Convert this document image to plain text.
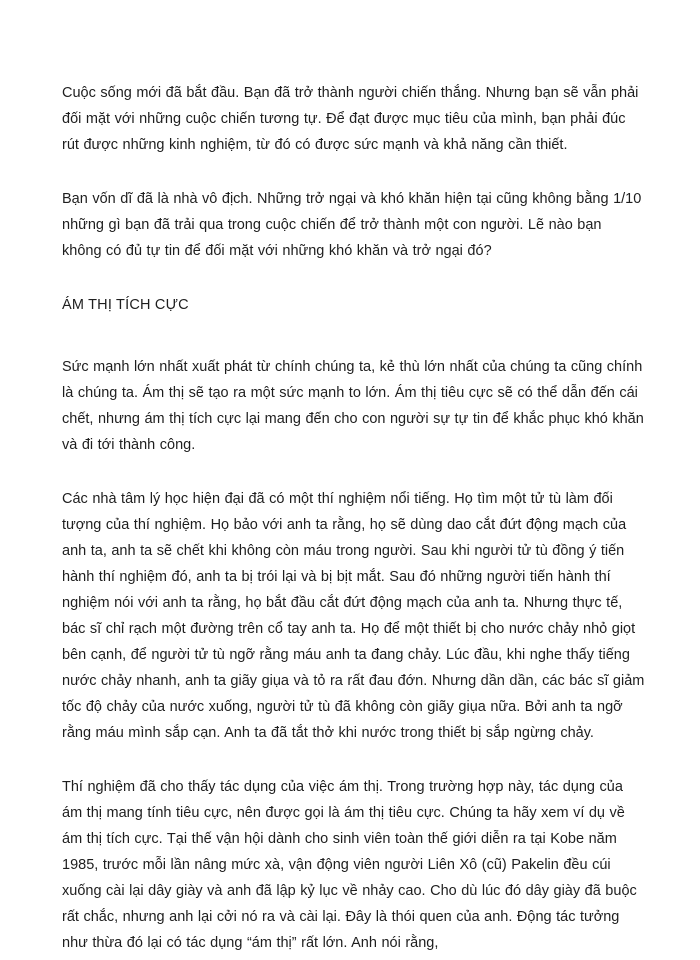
Cuộc sống mới đã bắt đầu. Bạn đã trở thành người chiến thắng. Nhưng bạn sẽ vẫn phải đối mặt với những cuộc chiến tương tự. Để đạt được mục tiêu của mình, bạn phải đúc rút được những kinh nghiệm, từ đó có được sức mạnh và khả năng cần thiết.

Bạn vốn dĩ đã là nhà vô địch. Những trở ngại và khó khăn hiện tại cũng không bằng 1/10 những gì bạn đã trải qua trong cuộc chiến để trở thành một con người. Lẽ nào bạn không có đủ tự tin để đối mặt với những khó khăn và trở ngại đó?

ÁM THỊ TÍCH CỰC

Sức mạnh lớn nhất xuất phát từ chính chúng ta, kẻ thù lớn nhất của chúng ta cũng chính là chúng ta. Ám thị sẽ tạo ra một sức mạnh to lớn. Ám thị tiêu cực sẽ có thể dẫn đến cái chết, nhưng ám thị tích cực lại mang đến cho con người sự tự tin để khắc phục khó khăn và đi tới thành công.

Các nhà tâm lý học hiện đại đã có một thí nghiệm nổi tiếng. Họ tìm một tử tù làm đối tượng của thí nghiệm. Họ bảo với anh ta rằng, họ sẽ dùng dao cắt đứt động mạch của anh ta, anh ta sẽ chết khi không còn máu trong người. Sau khi người tử tù đồng ý tiến hành thí nghiệm đó, anh ta bị trói lại và bị bịt mắt. Sau đó những người tiến hành thí nghiệm nói với anh ta rằng, họ bắt đầu cắt đứt động mạch của anh ta. Nhưng thực tế, bác sĩ chỉ rạch một đường trên cổ tay anh ta. Họ để một thiết bị cho nước chảy nhỏ giọt bên cạnh, để người tử tù ngỡ rằng máu anh ta đang chảy. Lúc đầu, khi nghe thấy tiếng nước chảy nhanh, anh ta giãy giụa và tỏ ra rất đau đớn. Nhưng dần dần, các bác sĩ giảm tốc độ chảy của nước xuống, người tử tù đã không còn giãy giụa nữa. Bởi anh ta ngỡ rằng máu mình sắp cạn. Anh ta đã tắt thở khi nước trong thiết bị sắp ngừng chảy.

Thí nghiệm đã cho thấy tác dụng của việc ám thị. Trong trường hợp này, tác dụng của ám thị mang tính tiêu cực, nên được gọi là ám thị tiêu cực. Chúng ta hãy xem ví dụ về ám thị tích cực. Tại thế vận hội dành cho sinh viên toàn thế giới diễn ra tại Kobe năm 1985, trước mỗi lần nâng mức xà, vận động viên người Liên Xô (cũ) Pakelin đều cúi xuống cài lại dây giày và anh đã lập kỷ lục về nhảy cao. Cho dù lúc đó dây giày đã buộc rất chắc, nhưng anh lại cởi nó ra và cài lại. Đây là thói quen của anh. Động tác tưởng như thừa đó lại có tác dụng “ám thị” rất lớn. Anh nói rằng,
